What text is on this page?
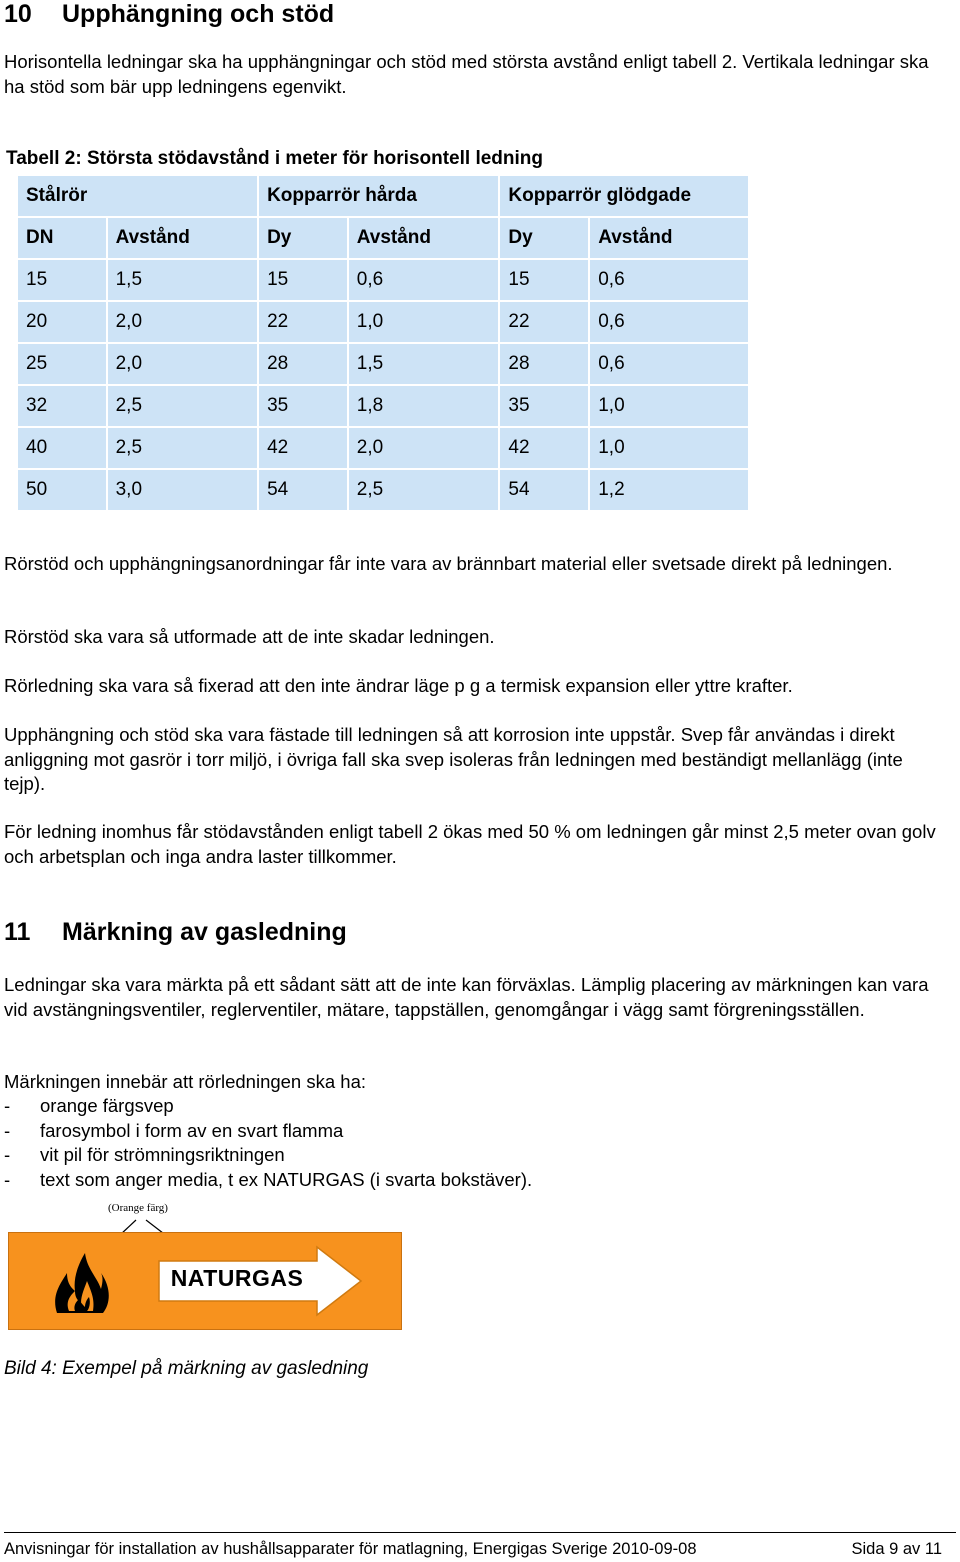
10 Upphängning och stöd
Horisontella ledningar ska ha upphängningar och stöd med största avstånd enligt tabell 2. Vertikala ledningar ska ha stöd som bär upp ledningens egenvikt.
Tabell 2: Största stödavstånd i meter för horisontell ledning
Stålrör		Kopparrör hårda		Kopparrör glödgade	
DN	Avstånd	Dy	Avstånd	Dy	Avstånd
15	1,5	15	0,6	15	0,6
20	2,0	22	1,0	22	0,6
25	2,0	28	1,5	28	0,6
32	2,5	35	1,8	35	1,0
40	2,5	42	2,0	42	1,0
50	3,0	54	2,5	54	1,2
Rörstöd och upphängningsanordningar får inte vara av brännbart material eller svetsade direkt på ledningen.
Rörstöd ska vara så utformade att de inte skadar ledningen.
Rörledning ska vara så fixerad att den inte ändrar läge p g a termisk expansion eller yttre krafter.
Upphängning och stöd ska vara fästade till ledningen så att korrosion inte uppstår. Svep får användas i direkt anliggning mot gasrör i torr miljö, i övriga fall ska svep isoleras från ledningen med beständigt mellanlägg (inte tejp).
För ledning inomhus får stödavstånden enligt tabell 2 ökas med 50 % om ledningen går minst 2,5 meter ovan golv och arbetsplan och inga andra laster tillkommer.
11 Märkning av gasledning
Ledningar ska vara märkta på ett sådant sätt att de inte kan förväxlas. Lämplig placering av märkningen kan vara vid avstängningsventiler, reglerventiler, mätare, tappställen, genomgångar i vägg samt förgreningsställen.
Märkningen innebär att rörledningen ska ha:
-	orange färgsvep
-	farosymbol i form av en svart flamma
-	vit pil för strömningsriktningen
-	text som anger media, t ex NATURGAS (i svarta bokstäver).
(Orange färg)
NATURGAS
Bild 4: Exempel på märkning av gasledning
Anvisningar för installation av hushållsapparater för matlagning, Energigas Sverige 2010-09-08	Sida 9 av 11
